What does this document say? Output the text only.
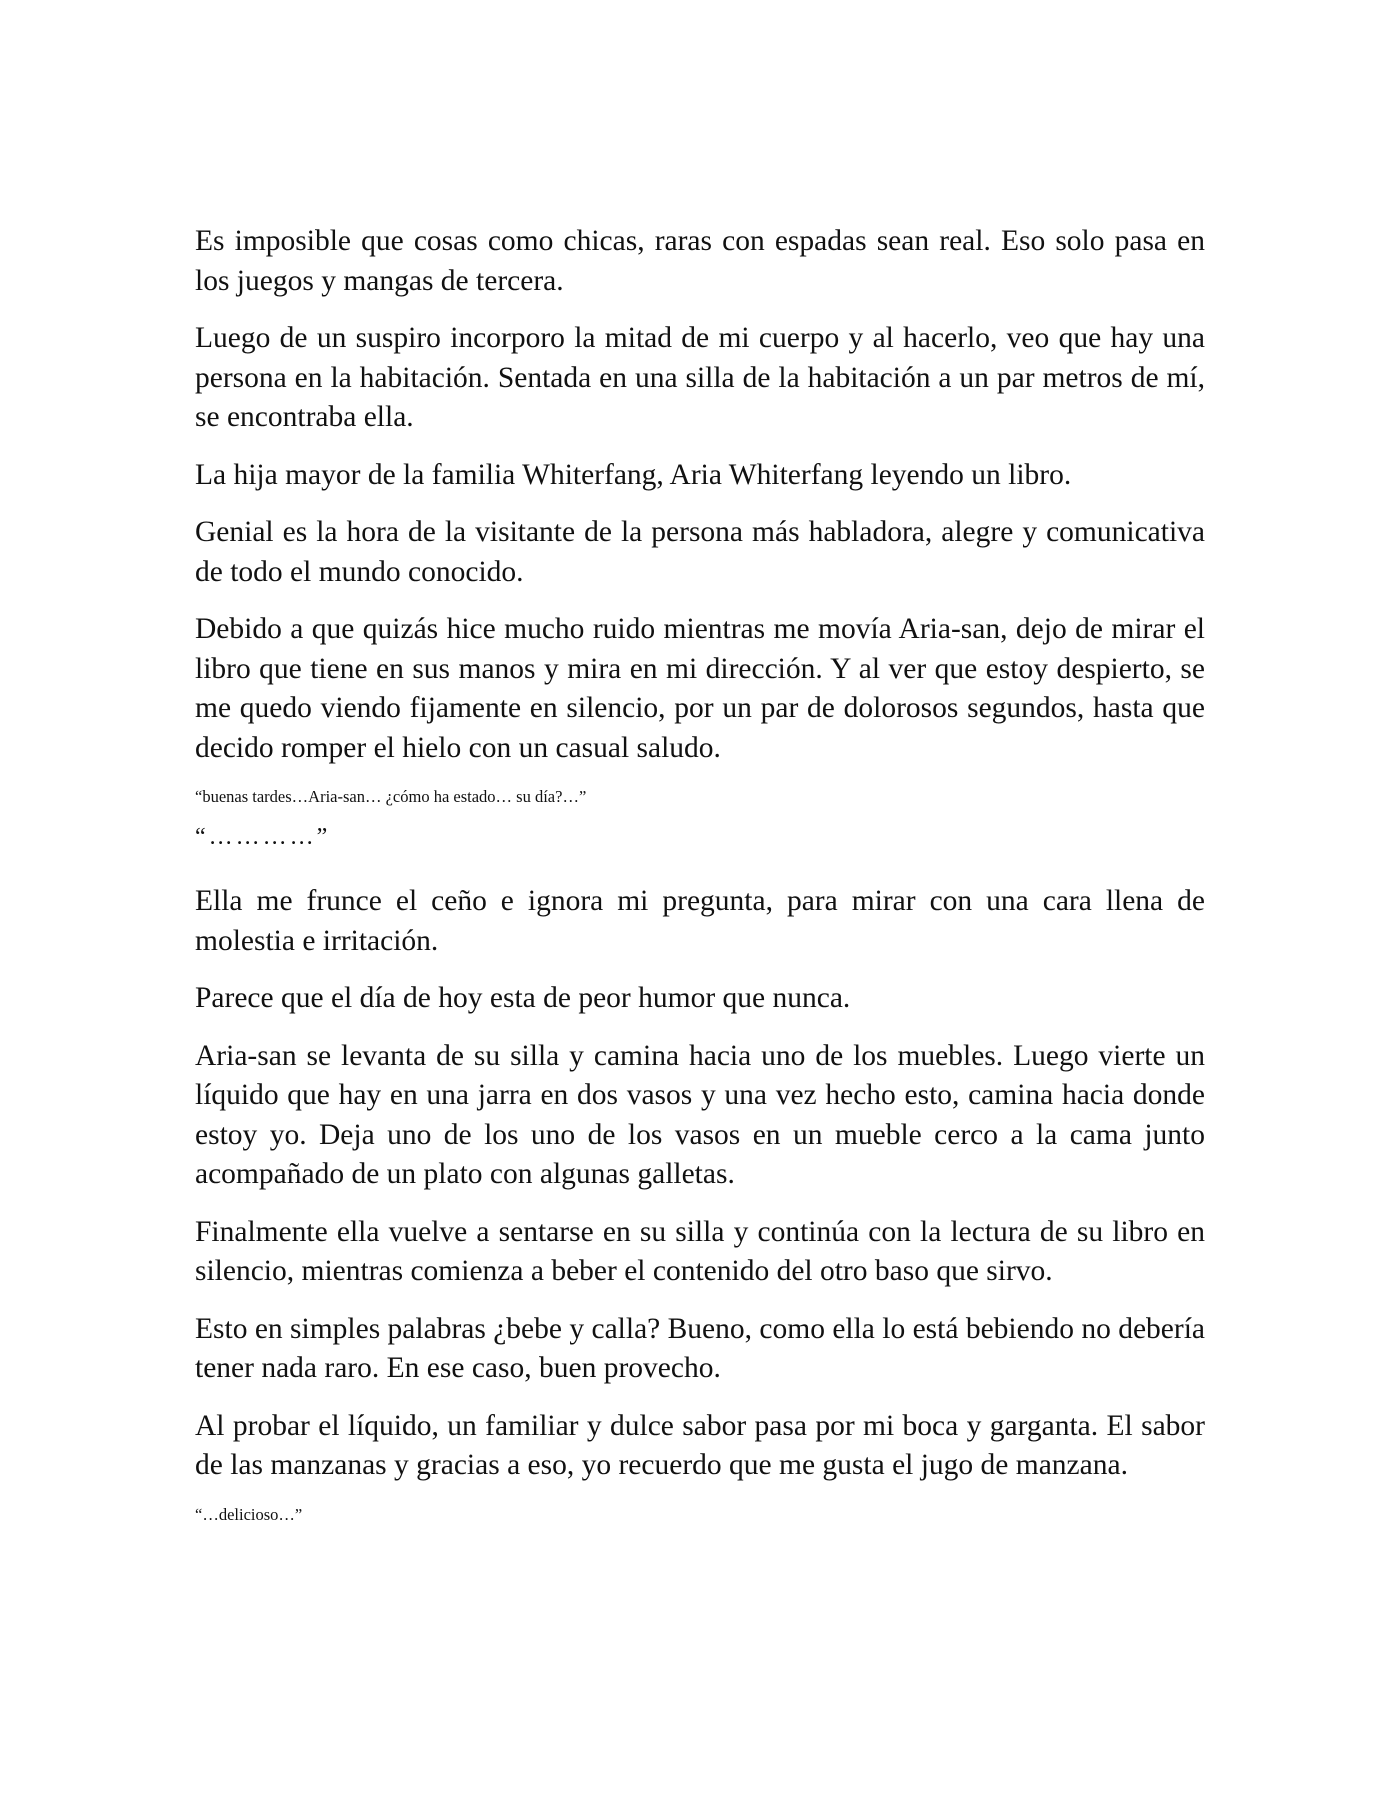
Es imposible que cosas como chicas, raras con espadas sean real. Eso solo pasa en los juegos y mangas de tercera.

Luego de un suspiro incorporo la mitad de mi cuerpo y al hacerlo, veo que hay una persona en la habitación. Sentada en una silla de la habitación a un par metros de mí, se encontraba ella.

La hija mayor de la familia Whiterfang, Aria Whiterfang leyendo un libro.

Genial es la hora de la visitante de la persona más habladora, alegre y comunicativa de todo el mundo conocido.

Debido a que quizás hice mucho ruido mientras me movía Aria-san, dejo de mirar el libro que tiene en sus manos y mira en mi dirección. Y al ver que estoy despierto, se me quedo viendo fijamente en silencio, por un par de dolorosos segundos, hasta que decido romper el hielo con un casual saludo.

“buenas tardes…Aria-san… ¿cómo ha estado… su día?…”

“…………”

Ella me frunce el ceño e ignora mi pregunta, para mirar con una cara llena de molestia e irritación.

Parece que el día de hoy esta de peor humor que nunca.

Aria-san se levanta de su silla y camina hacia uno de los muebles. Luego vierte un líquido que hay en una jarra en dos vasos y una vez hecho esto, camina hacia donde estoy yo. Deja uno de los uno de los vasos en un mueble cerco a la cama junto acompañado de un plato con algunas galletas.

Finalmente ella vuelve a sentarse en su silla y continúa con la lectura de su libro en silencio, mientras comienza a beber el contenido del otro baso que sirvo.

Esto en simples palabras ¿bebe y calla? Bueno, como ella lo está bebiendo no debería tener nada raro. En ese caso, buen provecho.

Al probar el líquido, un familiar y dulce sabor pasa por mi boca y garganta. El sabor de las manzanas y gracias a eso, yo recuerdo que me gusta el jugo de manzana.

“…delicioso…”
